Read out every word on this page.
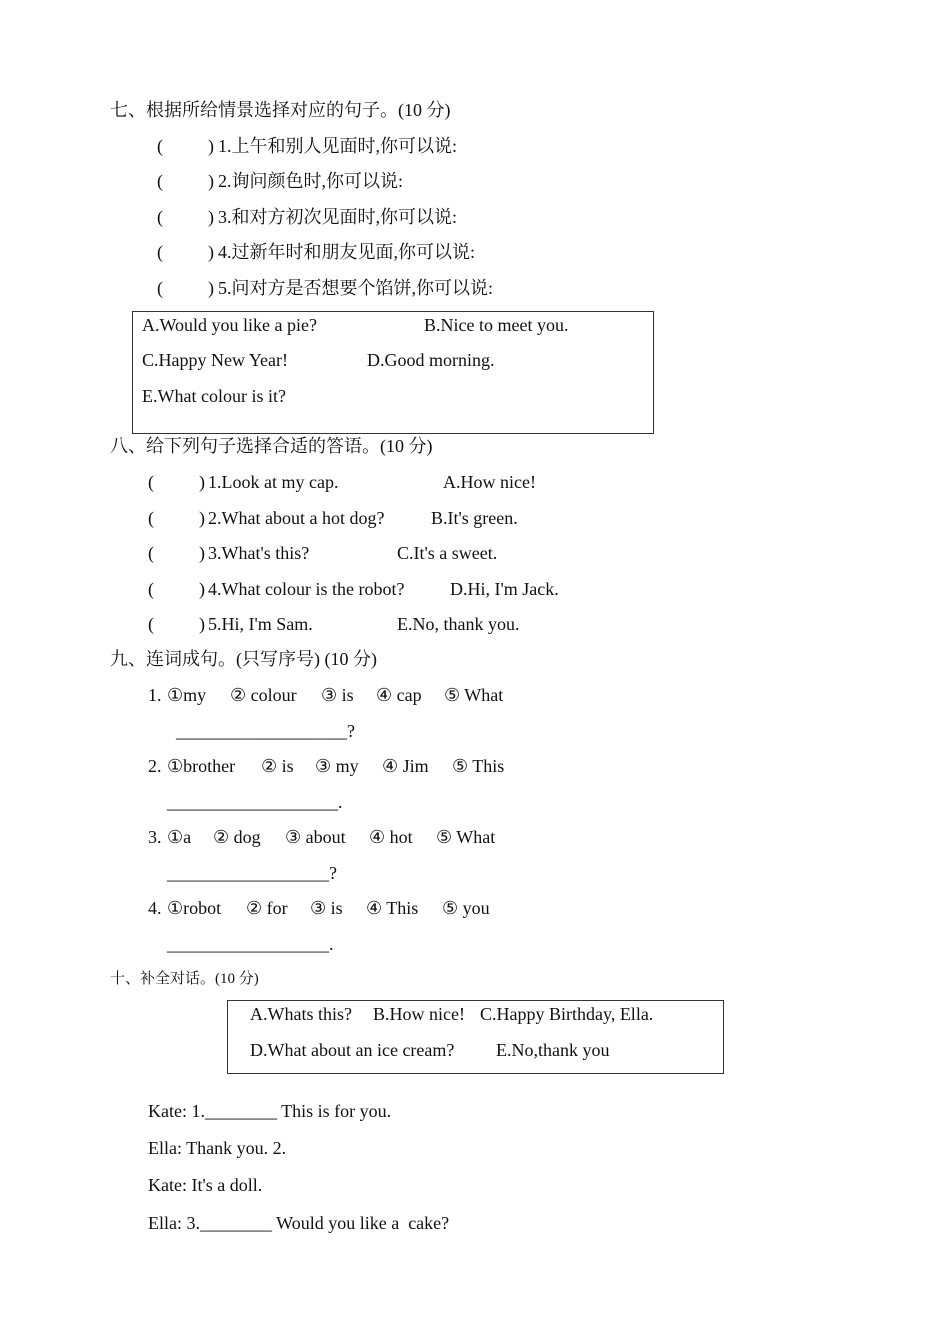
七、根据所给情景选择对应的句子。(10 分)
(          ) 1.上午和别人见面时,你可以说:
(          ) 2.询问颜色时,你可以说:
(          ) 3.和对方初次见面时,你可以说:
(          ) 4.过新年时和朋友见面,你可以说:
(          ) 5.问对方是否想要个馅饼,你可以说:
A.Would you like a pie?	B.Nice to meet you.
C.Happy New Year!	D.Good morning.
E.What colour is it?
八、给下列句子选择合适的答语。(10 分)
(          ) 1.Look at my cap.	A.How nice!
(          ) 2.What about a hot dog?	B.It's green.
(          ) 3.What's this?	C.It's a sweet.
(          ) 4.What colour is the robot?	D.Hi, I'm Jack.
(          ) 5.Hi, I'm Sam.	E.No, thank you.
九、连词成句。(只写序号) (10 分)
1. ①my ② colour ③ is ④ cap ⑤ What
___________________?
2. ①brother ② is ③ my ④ Jim ⑤ This
___________________.
3. ①a ② dog ③ about ④ hot ⑤ What
__________________?
4. ①robot ② for ③ is ④ This ⑤ you
__________________.
十、补全对话。(10 分)
A.Whats this? B.How nice! C.Happy Birthday, Ella.
D.What about an ice cream? E.No,thank you
Kate: 1.________ This is for you.
Ella: Thank you. 2.
Kate: It's a doll.
Ella: 3.________ Would you like a  cake?
